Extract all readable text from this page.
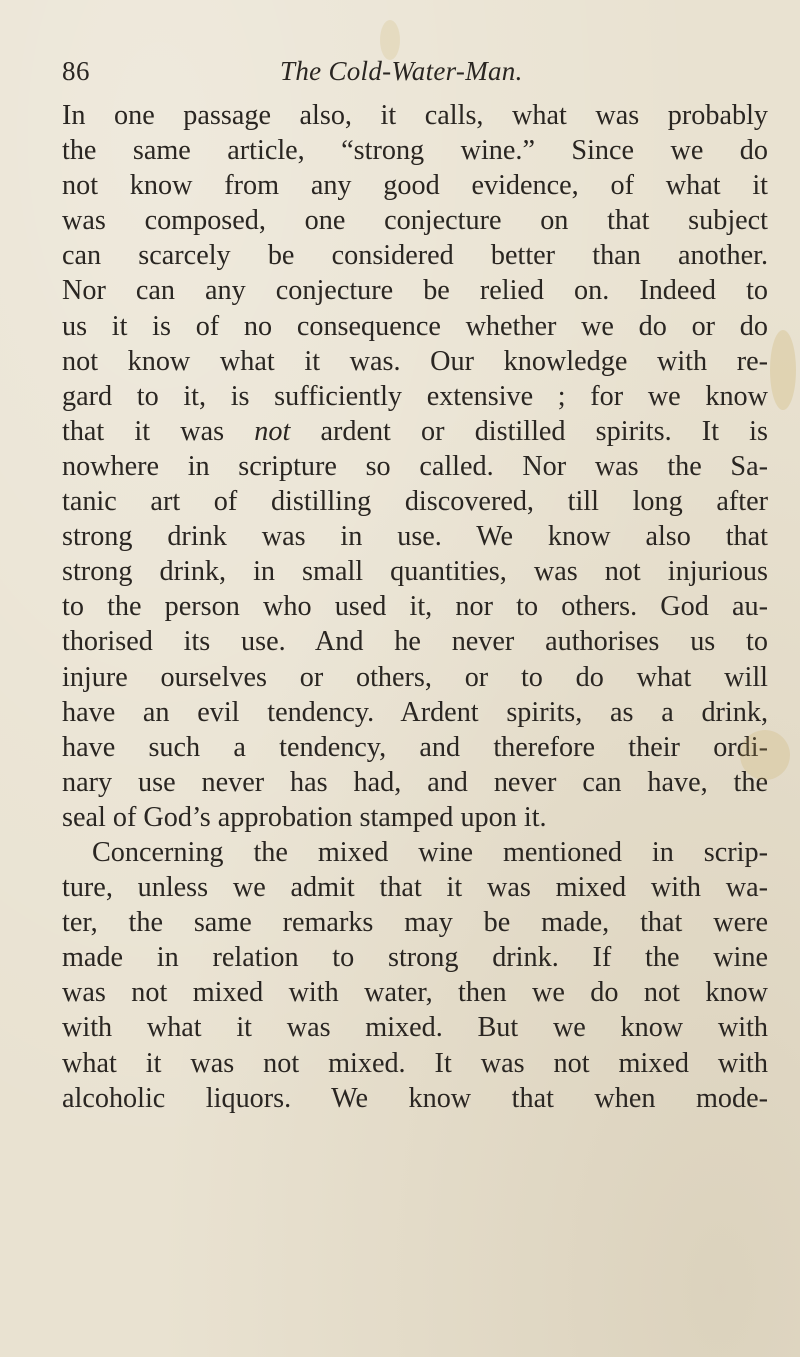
86	The Cold-Water-Man.
In one passage also, it calls, what was probably
the same article, “strong wine.” Since we do
not know from any good evidence, of what it
was composed, one conjecture on that subject
can scarcely be considered better than another.
Nor can any conjecture be relied on. Indeed to
us it is of no consequence whether we do or do
not know what it was. Our knowledge with re-
gard to it, is sufficiently extensive ; for we know
that it was not ardent or distilled spirits. It is
nowhere in scripture so called. Nor was the Sa-
tanic art of distilling discovered, till long after
strong drink was in use. We know also that
strong drink, in small quantities, was not injurious
to the person who used it, nor to others. God au-
thorised its use. And he never authorises us to
injure ourselves or others, or to do what will
have an evil tendency. Ardent spirits, as a drink,
have such a tendency, and therefore their ordi-
nary use never has had, and never can have, the
seal of God’s approbation stamped upon it.
Concerning the mixed wine mentioned in scrip-
ture, unless we admit that it was mixed with wa-
ter, the same remarks may be made, that were
made in relation to strong drink. If the wine
was not mixed with water, then we do not know
with what it was mixed. But we know with
what it was not mixed. It was not mixed with
alcoholic liquors. We know that when mode-
